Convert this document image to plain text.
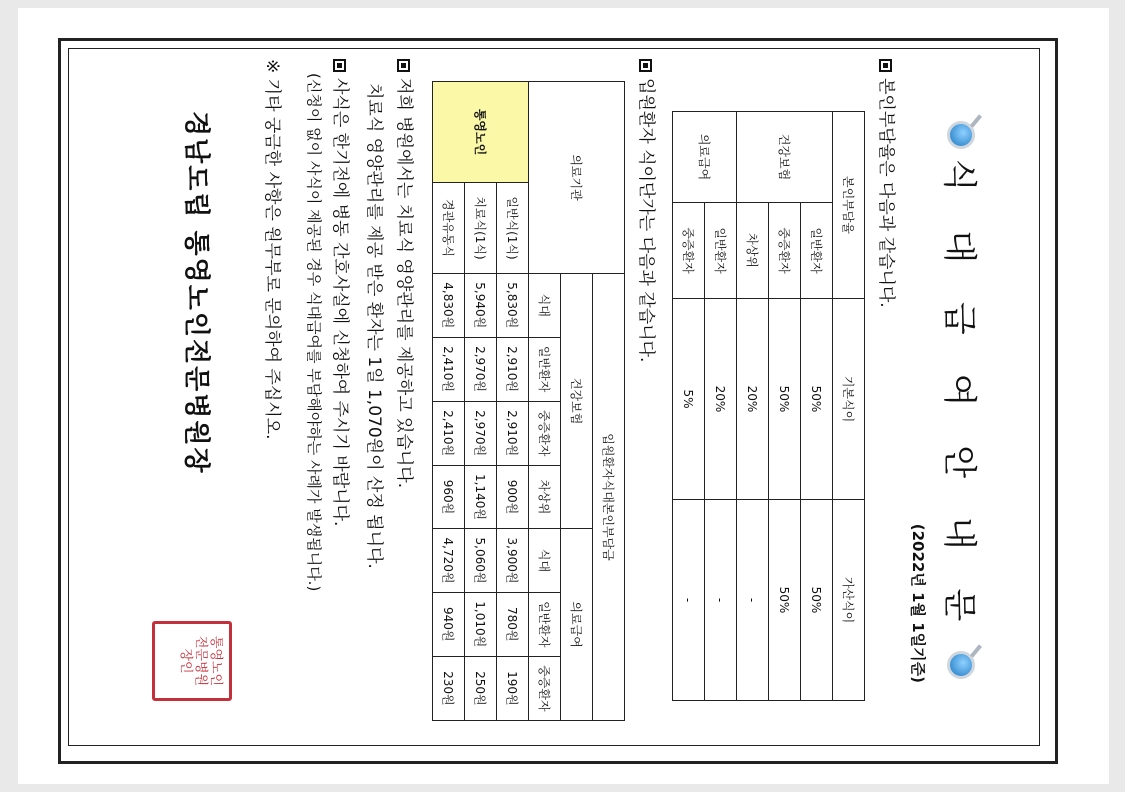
식 대 급 여 안 내 문
(2022년 1월 1일기준)
본인부담율은 다음과 같습니다.
본인부담율		기본식이	가산식이
건강보험	일반환자	50%	50%
	중증환자	50%	50%
	차상위	20%	-
의료급여	일반환자	20%	-
	중증환자	5%	-
입원환자 식이단가는 다음과 같습니다.
의료기관		입원환자식대본인부담금						
		건강보험				의료급여		
		식대	일반환자	중증환자	차상위	식대	일반환자	중증환자
통영노인	일반식(1식)	5,830원	2,910원	2,910원	900원	3,900원	780원	190원
	치료식(1식)	5,940원	2,970원	2,970원	1,140원	5,060원	1,010원	250원
	경관유동식	4,830원	2,410원	2,410원	960원	4,720원	940원	230원
저희 병원에서는 치료식 영양관리를 제공하고 있습니다.
치료식 영양관리를 제공 받은 환자는 1일 1,070원이 산정 됩니다.
사식은 한기전에 병동 간호사실에 신청하여 주시기 바랍니다.
(신청이 없이 사식이 제공된 경우 식대급여를 부담해야하는 사례가 발생됩니다.)
※ 기타 궁금한 사항은 원무부로 문의하여 주십시오.
경남도립 통영노인전문병원장
통영노인
전문병원
장인
